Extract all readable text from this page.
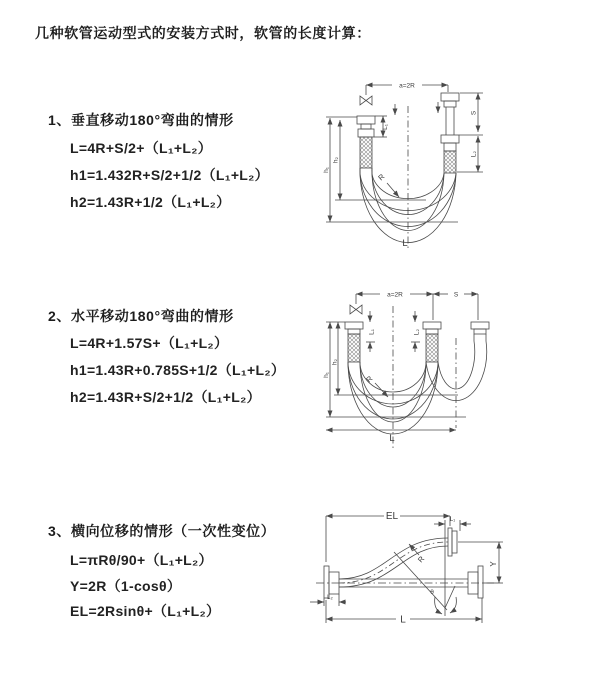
几种软管运动型式的安装方式时，软管的长度计算：
1、垂直移动180°弯曲的情形
L=4R+S/2+（L₁+L₂）
h1=1.432R+S/2+1/2（L₁+L₂）
h2=1.43R+1/2（L₁+L₂）
2、水平移动180°弯曲的情形
L=4R+1.57S+（L₁+L₂）
h1=1.43R+0.785S+1/2（L₁+L₂）
h2=1.43R+S/2+1/2（L₁+L₂）
3、横向位移的情形（一次性变位）
L=πRθ/90+（L₁+L₂）
Y=2R（1-cosθ）
EL=2Rsinθ+（L₁+L₂）
a=2R
h₁
h₂
L₁
S
L₂
R
L
a=2R	S
h₁
h₂
L₁	L₂
R
L
EL	L₁
Y
L
L₂
θ
R
